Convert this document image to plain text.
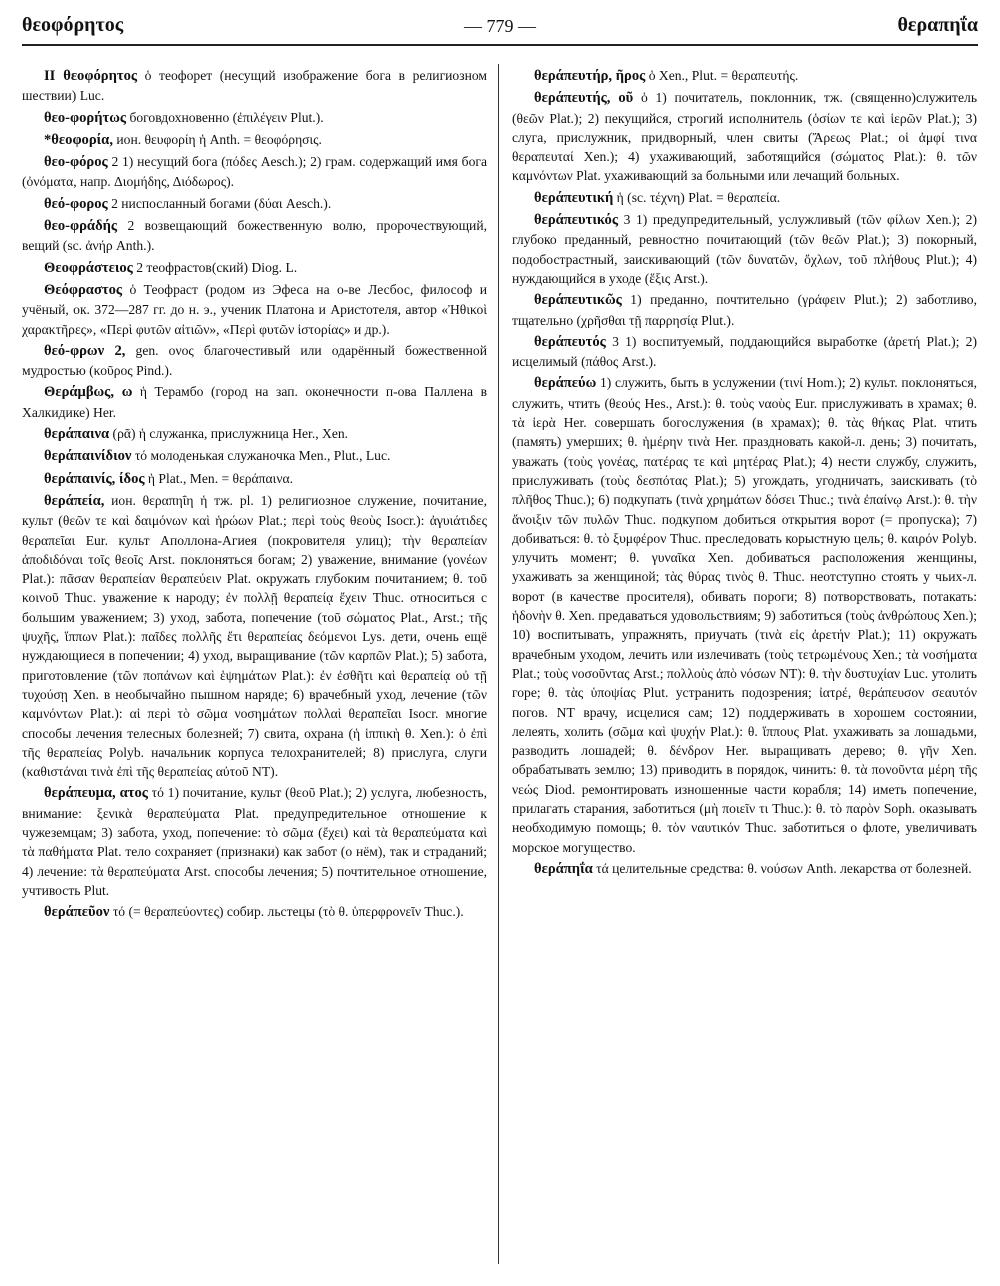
θεοφόρητος	— 779 —	θεραπηΐα

II θεοφόρητος ὁ теофорет (несущий изображение бога в религиозном шествии) Luc.

θεο-φορήτως боговдохновенно (ἐπιλέγειν Plut.).

*θεοφορία, ион. θευφορίη ἡ Anth. = θεοφόρησις.

θεο-φόρος 2 1) несущий бога (πόδες Aesch.); 2) грам. содержащий имя бога (ὀνόματα, напр. Διομήδης, Διόδωρος).

θεό-φορος 2 ниспосланный богами (δύαι Aesch.).

θεο-φράδής 2 возвещающий божественную волю, пророчествующий, вещий (sc. ἀνήρ Anth.).

Θεοφράστειος 2 теофрастов(ский) Diog. L.

Θεόφραστος ὁ Теофраст (родом из Эфеса на о-ве Лесбос, философ и учёный, ок. 372—287 гг. до н. э., ученик Платона и Аристотеля, автор «Ἠθικοὶ χαρακτῆρες», «Περὶ φυτῶν αἰτιῶν», «Περὶ φυτῶν ἱστορίας» и др.).

θεό-φρων 2, gen. ονος благочестивый или одарённый божественной мудростью (κοῦρος Pind.).

Θεράμβως, ω ἡ Терамбо (город на зап. оконечности п-ова Паллена в Халкидике) Her.

θεράπαινα (ρᾶ) ἡ служанка, прислужница Her., Xen.

θεράπαινίδιον τό молоденькая служаночка Men., Plut., Luc.

θεράπαινίς, ίδος ἡ Plat., Men. = θεράπαινα.

θεράπεία, ион. θεραπηΐη ἡ тж. pl. 1) религиозное служение, почитание, культ (θεῶν τε καὶ δαιμόνων καὶ ἡρώων Plat.; περὶ τοὺς θεοὺς Isocr.): ἀγυιάτιδες θεραπεῖαι Eur. культ Аполлона-Агиея (покровителя улиц); τὴν θεραπείαν ἀποδιδόναι τοῖς θεοῖς Arst. поклоняться богам; 2) уважение, внимание (γονέων Plat.): πᾶσαν θεραπείαν θεραπεύειν Plat. окружать глубоким почитанием; θ. τοῦ κοινοῦ Thuc. уважение к народу; ἐν πολλῇ θεραπείᾳ ἔχειν Thuc. относиться с большим уважением; 3) уход, забота, попечение (τοῦ σώματος Plat., Arst.; τῆς ψυχῆς, ἵππων Plat.): παῖδες πολλῆς ἔτι θεραπείας δεόμενοι Lys. дети, очень ещё нуждающиеся в попечении; 4) уход, выращивание (τῶν καρπῶν Plat.); 5) забота, приготовление (τῶν ποπάνων καὶ ἑψημάτων Plat.): ἐν ἐσθῆτι καὶ θεραπείᾳ οὐ τῇ τυχούσῃ Xen. в необычайно пышном наряде; 6) врачебный уход, лечение (τῶν καμνόντων Plat.): αἱ περὶ τὸ σῶμα νοσημάτων πολλαὶ θεραπεῖαι Isocr. многие способы лечения телесных болезней; 7) свита, охрана (ἡ ἱππικὴ θ. Xen.): ὁ ἐπὶ τῆς θεραπείας Polyb. начальник корпуса телохранителей; 8) прислуга, слуги (καθιστάναι τινὰ ἐπὶ τῆς θεραπείας αὐτοῦ NT).

θεράπευμα, ατος τό 1) почитание, культ (θεοῦ Plat.); 2) услуга, любезность, внимание: ξενικὰ θεραπεύματα Plat. предупредительное отношение к чужеземцам; 3) забота, уход, попечение: τὸ σῶμα (ἔχει) καὶ τὰ θεραπεύματα καὶ τὰ παθήματα Plat. тело сохраняет (признаки) как забот (о нём), так и страданий; 4) лечение: τὰ θεραπεύματα Arst. способы лечения; 5) почтительное отношение, учтивость Plut.

θεράπεῦον τό (= θεραπεύοντες) собир. льстецы (τὸ θ. ὑπερφρονεῖν Thuc.).

θεράπευτήρ, ῆρος ὁ Xen., Plut. = θεραπευτής.

θεράπευτής, οῦ ὁ 1) почитатель, поклонник, тж. (священно)служитель (θεῶν Plat.); 2) пекущийся, строгий исполнитель (ὁσίων τε καὶ ἱερῶν Plat.); 3) слуга, прислужник, придворный, член свиты (Ἄρεως Plat.; οἱ ἀμφί τινα θεραπευταί Xen.); 4) ухаживающий, заботящийся (σώματος Plat.): θ. τῶν καμνόντων Plat. ухаживающий за больными или лечащий больных.

θεράπευτική ἡ (sc. τέχνη) Plat. = θεραπεία.

θεράπευτικός 3 1) предупредительный, услужливый (τῶν φίλων Xen.); 2) глубоко преданный, ревностно почитающий (τῶν θεῶν Plat.); 3) покорный, подобострастный, заискивающий (τῶν δυνατῶν, ὄχλων, τοῦ πλήθους Plut.); 4) нуждающийся в уходе (ἕξις Arst.).

θεράπευτικῶς 1) преданно, почтительно (γράφειν Plut.); 2) заботливо, тщательно (χρῆσθαι τῇ παρρησίᾳ Plut.).

θεράπευτός 3 1) воспитуемый, поддающийся выработке (ἀρετή Plat.); 2) исцелимый (πάθος Arst.).

θεράπεύω 1) служить, быть в услужении (τινί Hom.); 2) культ. поклоняться, служить, чтить (θεούς Hes., Arst.): θ. τοὺς ναοὺς Eur. прислуживать в храмах; θ. τὰ ἱερὰ Her. совершать богослужения (в храмах); θ. τὰς θήκας Plat. чтить (память) умерших; θ. ἡμέρην τινὰ Her. праздновать какой-л. день; 3) почитать, уважать (τοὺς γονέας, πατέρας τε καὶ μητέρας Plat.); 4) нести службу, служить, прислуживать (τοὺς δεσπότας Plat.); 5) угождать, угодничать, заискивать (τὸ πλῆθος Thuc.); 6) подкупать (τινὰ χρημάτων δόσει Thuc.; τινὰ ἐπαίνῳ Arst.): θ. τὴν ἄνοιξιν τῶν πυλῶν Thuc. подкупом добиться открытия ворот (= пропуска); 7) добиваться: θ. τὸ ξυμφέρον Thuc. преследовать корыстную цель; θ. καιρόν Polyb. улучить момент; θ. γυναῖκα Xen. добиваться расположения женщины, ухаживать за женщиной; τὰς θύρας τινὸς θ. Thuc. неотступно стоять у чьих-л. ворот (в качестве просителя), обивать пороги; 8) потворствовать, потакать: ἡδονὴν θ. Xen. предаваться удовольствиям; 9) заботиться (τοὺς ἀνθρώπους Xen.); 10) воспитывать, упражнять, приучать (τινὰ εἰς ἀρετήν Plat.); 11) окружать врачебным уходом, лечить или излечивать (τοὺς τετρωμένους Xen.; τὰ νοσήματα Plat.; τοὺς νοσοῦντας Arst.; πολλοὺς ἀπὸ νόσων NT): θ. τὴν δυστυχίαν Luc. утолить горе; θ. τὰς ὑποψίας Plut. устранить подозрения; ἰατρέ, θεράπευσον σεαυτόν погов. NT врачу, исцелися сам; 12) поддерживать в хорошем состоянии, лелеять, холить (σῶμα καὶ ψυχήν Plat.): θ. ἵππους Plat. ухаживать за лошадьми, разводить лошадей; θ. δένδρον Her. выращивать дерево; θ. γῆν Xen. обрабатывать землю; 13) приводить в порядок, чинить: θ. τὰ πονοῦντα μέρη τῆς νεώς Diod. ремонтировать изношенные части корабля; 14) иметь попечение, прилагать старания, заботиться (μὴ ποιεῖν τι Thuc.): θ. τὸ παρὸν Soph. оказывать необходимую помощь; θ. τὸν ναυτικόν Thuc. заботиться о флоте, увеличивать морское могущество.

θεράπηΐα τά целительные средства: θ. νούσων Anth. лекарства от болезней.
